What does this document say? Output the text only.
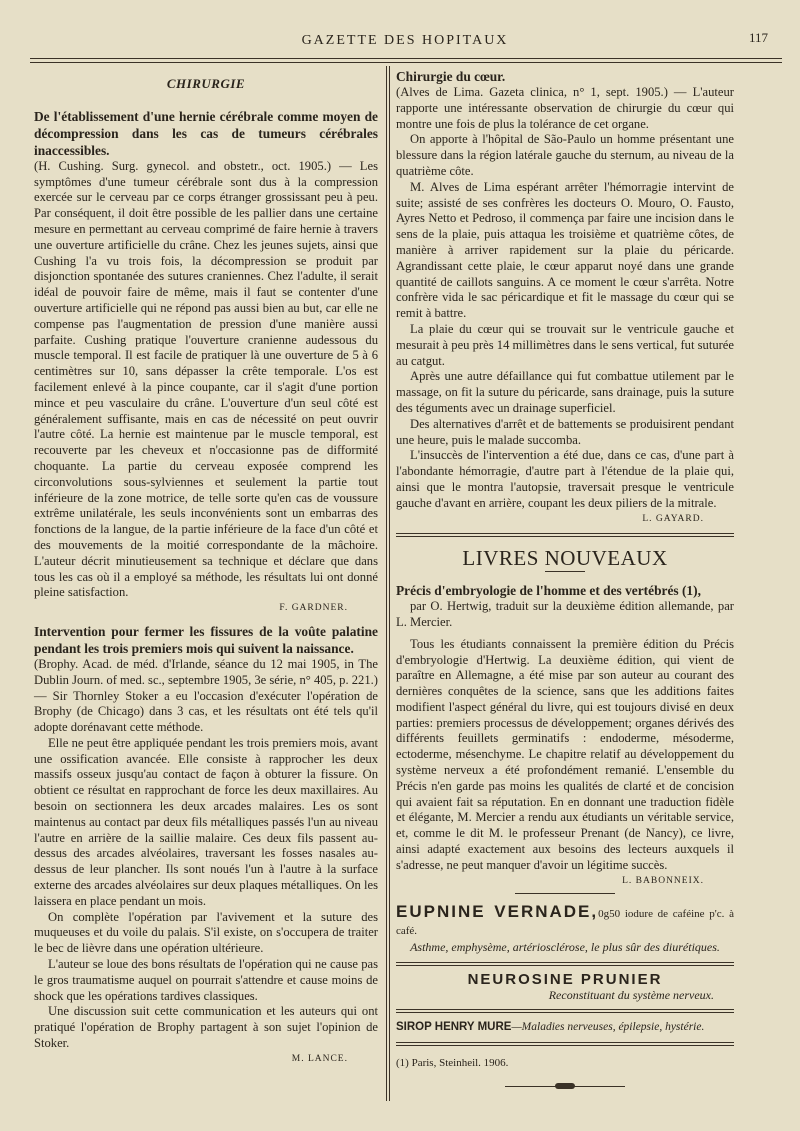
GAZETTE DES HOPITAUX	117
CHIRURGIE
De l'établissement d'une hernie cérébrale comme moyen de décompression dans les cas de tumeurs cérébrales inaccessibles.

(H. Cushing. Surg. gynecol. and obstetr., oct. 1905.) — Les symptômes d'une tumeur cérébrale sont dus à la compression exercée sur le cerveau par ce corps étranger grossissant peu à peu. Par conséquent, il doit être possible de les pallier dans une certaine mesure en permettant au cerveau comprimé de faire hernie à travers une ouverture artificielle du crâne. Chez les jeunes sujets, ainsi que Cushing l'a vu trois fois, la décompression se produit par disjonction spontanée des sutures craniennes. Chez l'adulte, il serait idéal de pouvoir faire de même, mais il faut se contenter d'une ouverture artificielle qui ne répond pas aussi bien au but, car elle ne compense pas l'augmentation de pression d'une manière aussi parfaite. Cushing pratique l'ouverture cranienne audessous du muscle temporal. Il est facile de pratiquer là une ouverture de 5 à 6 centimètres sur 10, sans dépasser la crête temporale. L'os est facilement enlevé à la pince coupante, car il s'agit d'une portion mince et peu vasculaire du crâne. L'ouverture d'un seul côté est généralement suffisante, mais en cas de nécessité on peut ouvrir l'autre côté. La hernie est maintenue par le muscle temporal, est recouverte par les cheveux et n'occasionne pas de difformité choquante. La partie du cerveau exposée comprend les circonvolutions sous-sylviennes et seulement la partie tout inférieure de la zone motrice, de telle sorte qu'en cas de voussure extrême unilatérale, les seuls inconvénients sont un embarras des fonctions de la langue, de la partie inférieure de la face d'un côté et des mouvements de la moitié correspondante de la mâchoire. L'auteur décrit minutieusement sa technique et déclare que dans tous les cas où il a employé sa méthode, les résultats lui ont donné pleine satisfaction.

F. GARDNER.
Intervention pour fermer les fissures de la voûte palatine pendant les trois premiers mois qui suivent la naissance.

(Brophy. Acad. de méd. d'Irlande, séance du 12 mai 1905, in The Dublin Journ. of med. sc., septembre 1905, 3e série, n° 405, p. 221.) — Sir Thornley Stoker a eu l'occasion d'exécuter l'opération de Brophy (de Chicago) dans 3 cas, et les résultats ont été tels qu'il adopte dorénavant cette méthode.

Elle ne peut être appliquée pendant les trois premiers mois, avant une ossification avancée. Elle consiste à rapprocher les deux massifs osseux jusqu'au contact de façon à obturer la fissure. On obtient ce résultat en rapprochant de force les deux maxillaires. Au besoin on sectionnera les deux arcades malaires. Les os sont maintenus au contact par deux fils métalliques passés l'un au niveau l'autre en arrière de la saillie malaire. Ces deux fils passent au-dessus des arcades alvéolaires, traversant les fosses nasales au-dessus de leur plancher. Ils sont noués l'un à l'autre à la surface externe des arcades alvéolaires sur deux plaques métalliques. On les laissera en place pendant un mois.

On complète l'opération par l'avivement et la suture des muqueuses et du voile du palais. S'il existe, on s'occupera de traiter le bec de lièvre dans une opération ultérieure.

L'auteur se loue des bons résultats de l'opération qui ne cause pas le gros traumatisme auquel on pourrait s'attendre et cause moins de shock que les opérations tardives classiques.

Une discussion suit cette communication et les auteurs qui ont pratiqué l'opération de Brophy partagent à son sujet l'opinion de Stoker.

M. LANCE.
Chirurgie du cœur.

(Alves de Lima. Gazeta clinica, n° 1, sept. 1905.) — L'auteur rapporte une intéressante observation de chirurgie du cœur qui montre une fois de plus la tolérance de cet organe.

On apporte à l'hôpital de São-Paulo un homme présentant une blessure dans la région latérale gauche du sternum, au niveau de la quatrième côte.

M. Alves de Lima espérant arrêter l'hémorragie intervint de suite; assisté de ses confrères les docteurs O. Mouro, O. Fausto, Ayres Netto et Pedroso, il commença par faire une incision dans le sens de la plaie, puis attaqua les troisième et quatrième côtes, de manière à arriver rapidement sur la plaie du péricarde. Agrandissant cette plaie, le cœur apparut noyé dans une grande quantité de caillots sanguins. A ce moment le cœur s'arrêta. Notre confrère vida le sac péricardique et fit le massage du cœur qui se remit à battre.

La plaie du cœur qui se trouvait sur le ventricule gauche et mesurait à peu près 14 millimètres dans le sens vertical, fut suturée au catgut.

Après une autre défaillance qui fut combattue utilement par le massage, on fit la suture du péricarde, sans drainage, puis la suture des téguments avec un drainage superficiel.

Des alternatives d'arrêt et de battements se produisirent pendant une heure, puis le malade succomba.

L'insuccès de l'intervention a été due, dans ce cas, d'une part à l'abondante hémorragie, d'autre part à l'étendue de la plaie qui, ainsi que le montra l'autopsie, traversait presque le ventricule gauche d'avant en arrière, coupant les deux piliers de la mitrale.

L. GAYARD.
LIVRES NOUVEAUX
Précis d'embryologie de l'homme et des vertébrés (1),

par O. Hertwig, traduit sur la deuxième édition allemande, par L. Mercier.

Tous les étudiants connaissent la première édition du Précis d'embryologie d'Hertwig. La deuxième édition, qui vient de paraître en Allemagne, a été mise par son auteur au courant des dernières conquêtes de la science, sans que les additions faites modifient l'aspect général du livre, qui est toujours divisé en deux parties: premiers processus de développement; organes dérivés des différents feuillets germinatifs : endoderme, mésoderme, ectoderme, mésenchyme. Le chapitre relatif au développement du système nerveux a été profondément remanié. L'ensemble du Précis n'en garde pas moins les qualités de clarté et de concision qui avaient fait sa réputation. En en donnant une traduction fidèle et élégante, M. Mercier a rendu aux étudiants un véritable service, et, comme le dit M. le professeur Prenant (de Nancy), ce livre, ainsi adapté exactement aux besoins des lecteurs auxquels il s'adresse, ne peut manquer d'avoir un légitime succès.

L. BABONNEIX.
EUPNINE VERNADE,0g50 iodure de caféine p'c. à café.
Asthme, emphysème, artériosclérose, le plus sûr des diurétiques.
NEUROSINE PRUNIER
Reconstituant du système nerveux.
SIROP HENRY MURE—Maladies nerveuses, épilepsie, hystérie.
(1) Paris, Steinheil. 1906.
